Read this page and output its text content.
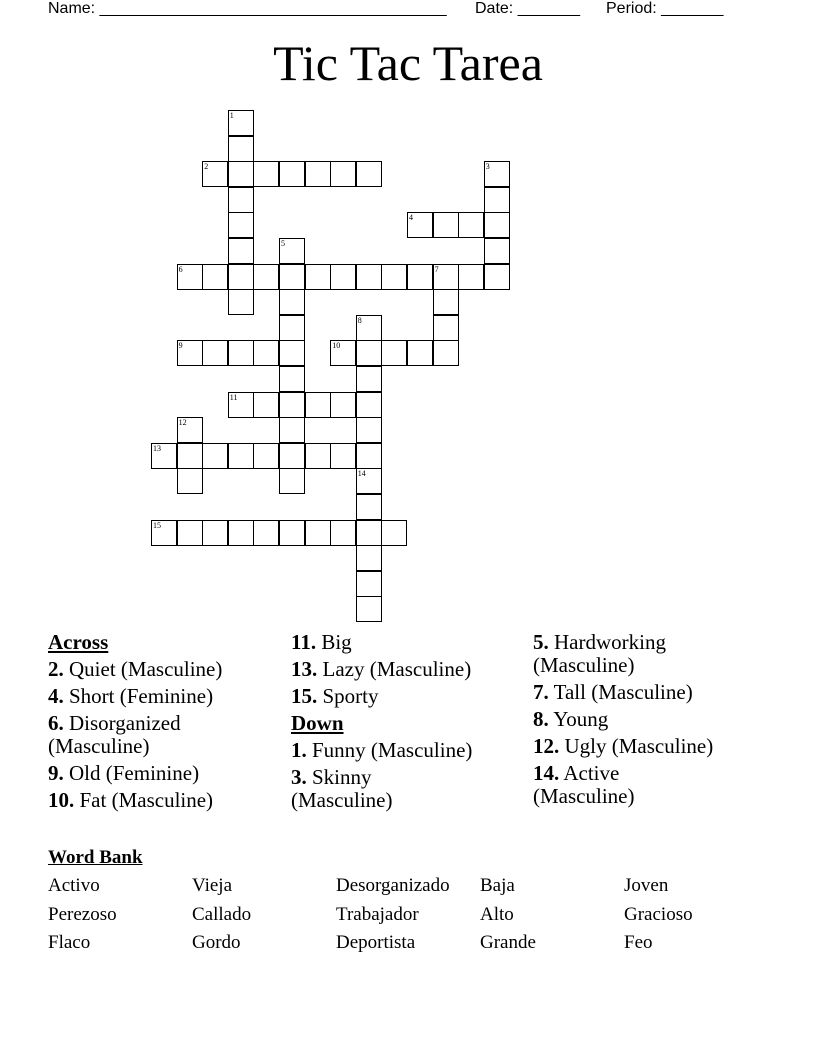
Name: _______________________________________ Date: _______ Period: _______
Tic Tac Tarea
1
2	3
4
5
6	7
8
9	10
11
12
13
14
15
Across
2. Quiet (Masculine)
4. Short (Feminine)
6. Disorganized (Masculine)
9. Old (Feminine)
10. Fat (Masculine)
11. Big
13. Lazy (Masculine)
15. Sporty
Down
1. Funny (Masculine)
3. Skinny (Masculine)
5. Hardworking (Masculine)
7. Tall (Masculine)
8. Young
12. Ugly (Masculine)
14. Active (Masculine)
Word Bank
Activo	Vieja	Desorganizado Baja	Joven
Perezoso	Callado	Trabajador	Alto	Gracioso
Flaco	Gordo	Deportista	Grande	Feo
